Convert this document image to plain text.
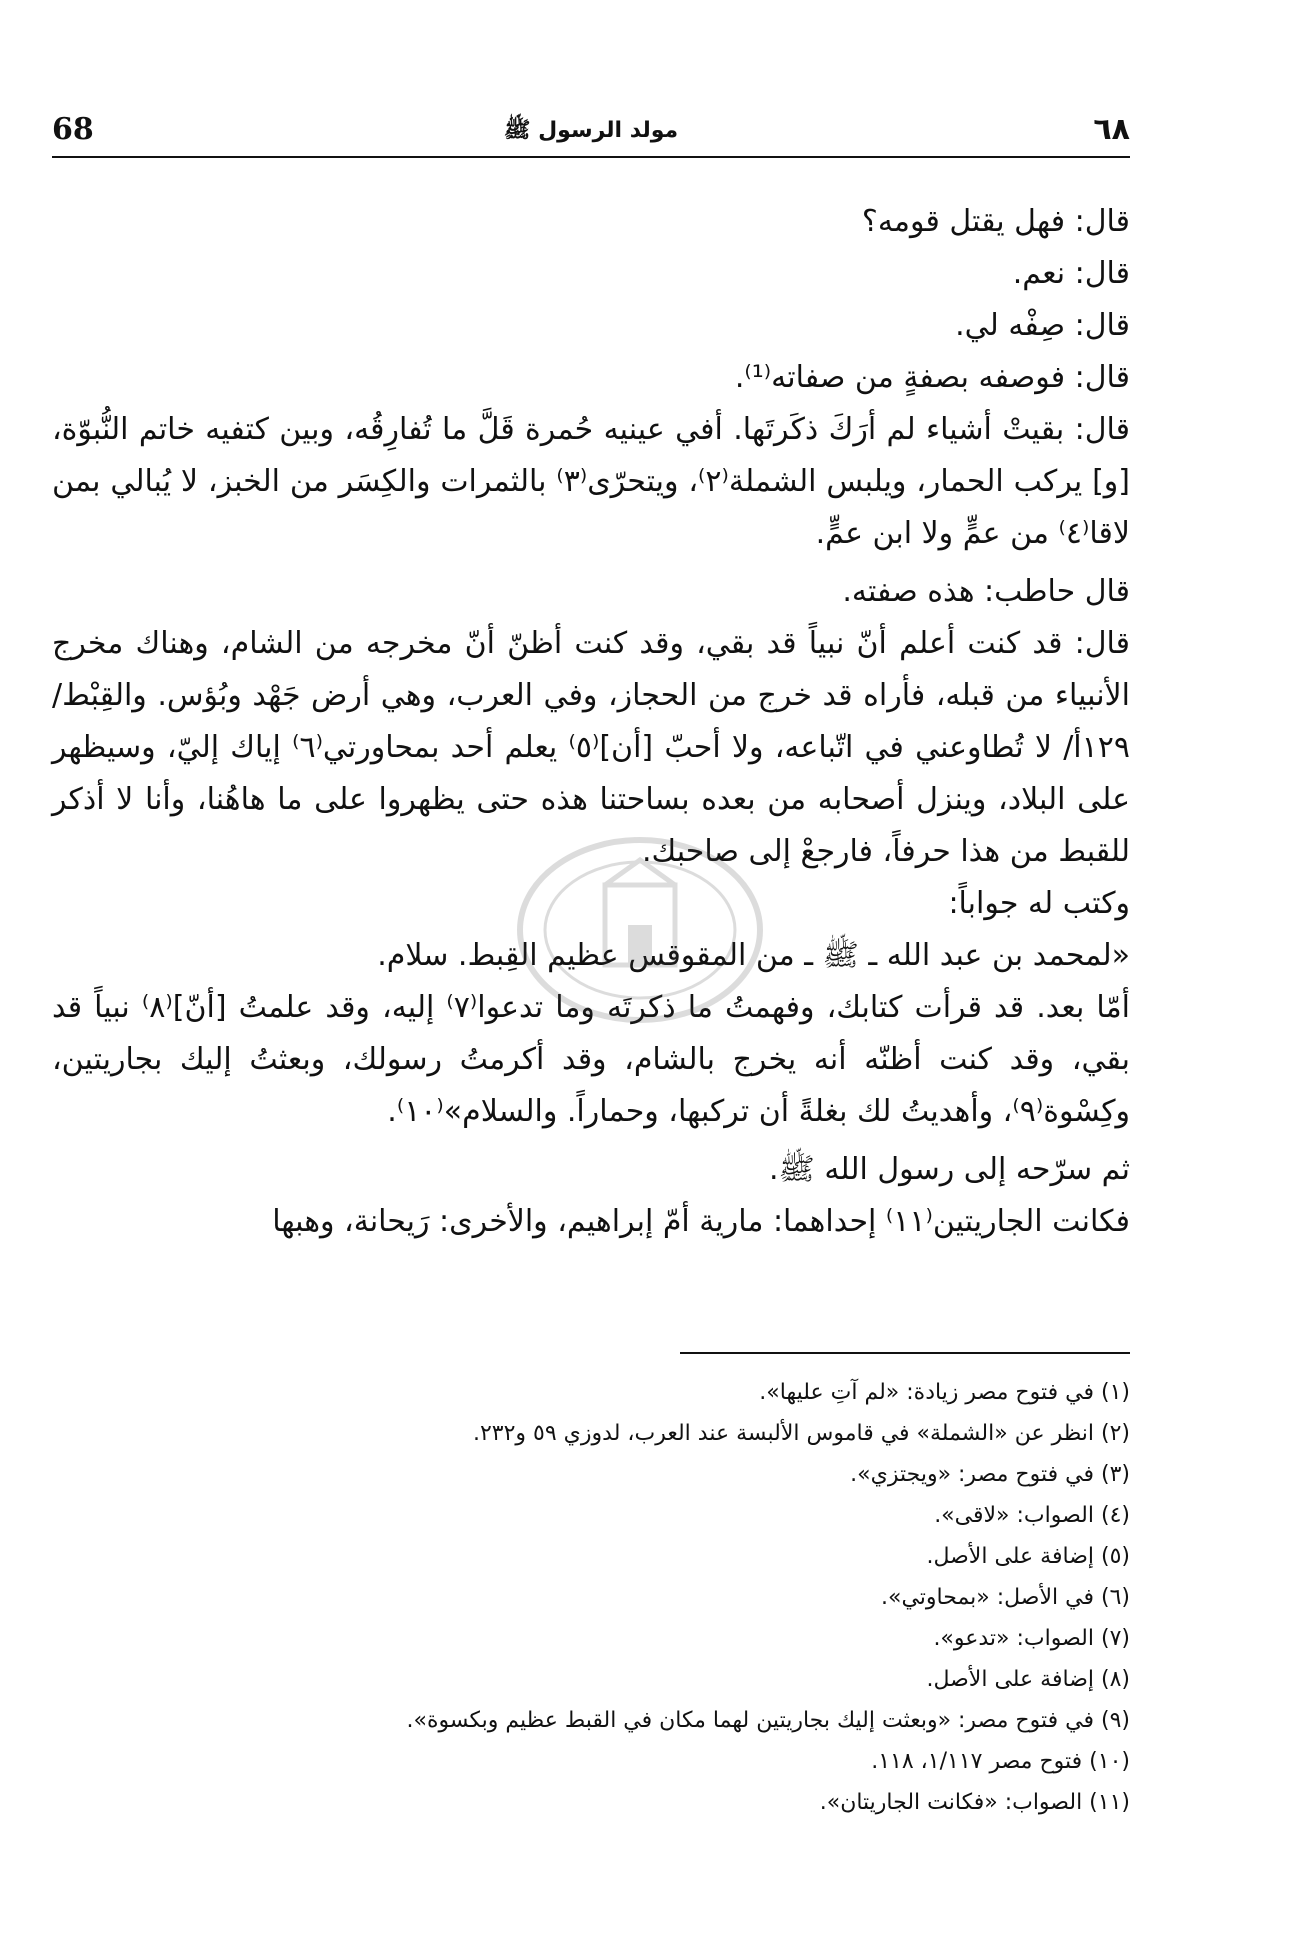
68	مولد الرسول ﷺ	٦٨

قال: فهل يقتل قومه؟

قال: نعم.

قال: صِفْه لي.

قال: فوصفه بصفةٍ من صفاته⁽¹⁾.

قال: بقيتْ أشياء لم أرَكَ ذكَرتَها. أفي عينيه حُمرة قَلَّ ما تُفارِقُه، وبين كتفيه خاتم النُّبوّة، [و] يركب الحمار، ويلبس الشملة⁽٢⁾، ويتحرّى⁽٣⁾ بالثمرات والكِسَر من الخبز، لا يُبالي بمن لاقا⁽٤⁾ من عمٍّ ولا ابن عمٍّ.

قال حاطب: هذه صفته.

قال: قد كنت أعلم أنّ نبياً قد بقي، وقد كنت أظنّ أنّ مخرجه من الشام، وهناك مخرج الأنبياء من قبله، فأراه قد خرج من الحجاز، وفي العرب، وهي أرض جَهْد وبُؤس. والقِبْط/١٢٩أ/ لا تُطاوعني في اتّباعه، ولا أحبّ [أن]⁽٥⁾ يعلم أحد بمحاورتي⁽٦⁾ إياك إليّ، وسيظهر على البلاد، وينزل أصحابه من بعده بساحتنا هذه حتى يظهروا على ما هاهُنا، وأنا لا أذكر للقبط من هذا حرفاً، فارجعْ إلى صاحبك.

وكتب له جواباً:

«لمحمد بن عبد الله ـ ﷺ ـ من المقوقس عظيم القِبط. سلام.

أمّا بعد. قد قرأت كتابك، وفهمتُ ما ذكرتَه وما تدعوا⁽٧⁾ إليه، وقد علمتُ [أنّ]⁽٨⁾ نبياً قد بقي، وقد كنت أظنّه أنه يخرج بالشام، وقد أكرمتُ رسولك، وبعثتُ إليك بجاريتين، وكِسْوة⁽٩⁾، وأهديتُ لك بغلةً أن تركبها، وحماراً. والسلام»⁽١٠⁾.

ثم سرّحه إلى رسول الله ﷺ.

فكانت الجاريتين⁽١١⁾ إحداهما: مارية أمّ إبراهيم، والأخرى: رَيحانة، وهبها

(١) في فتوح مصر زيادة: «لم آتِ عليها».

(٢) انظر عن «الشملة» في قاموس الألبسة عند العرب، لدوزي ٥٩ و٢٣٢.

(٣) في فتوح مصر: «ويجتزي».

(٤) الصواب: «لاقى».

(٥) إضافة على الأصل.

(٦) في الأصل: «بمحاوتي».

(٧) الصواب: «تدعو».

(٨) إضافة على الأصل.

(٩) في فتوح مصر: «وبعثت إليك بجاريتين لهما مكان في القبط عظيم وبكسوة».

(١٠) فتوح مصر ١/١١٧، ١١٨.

(١١) الصواب: «فكانت الجاريتان».
